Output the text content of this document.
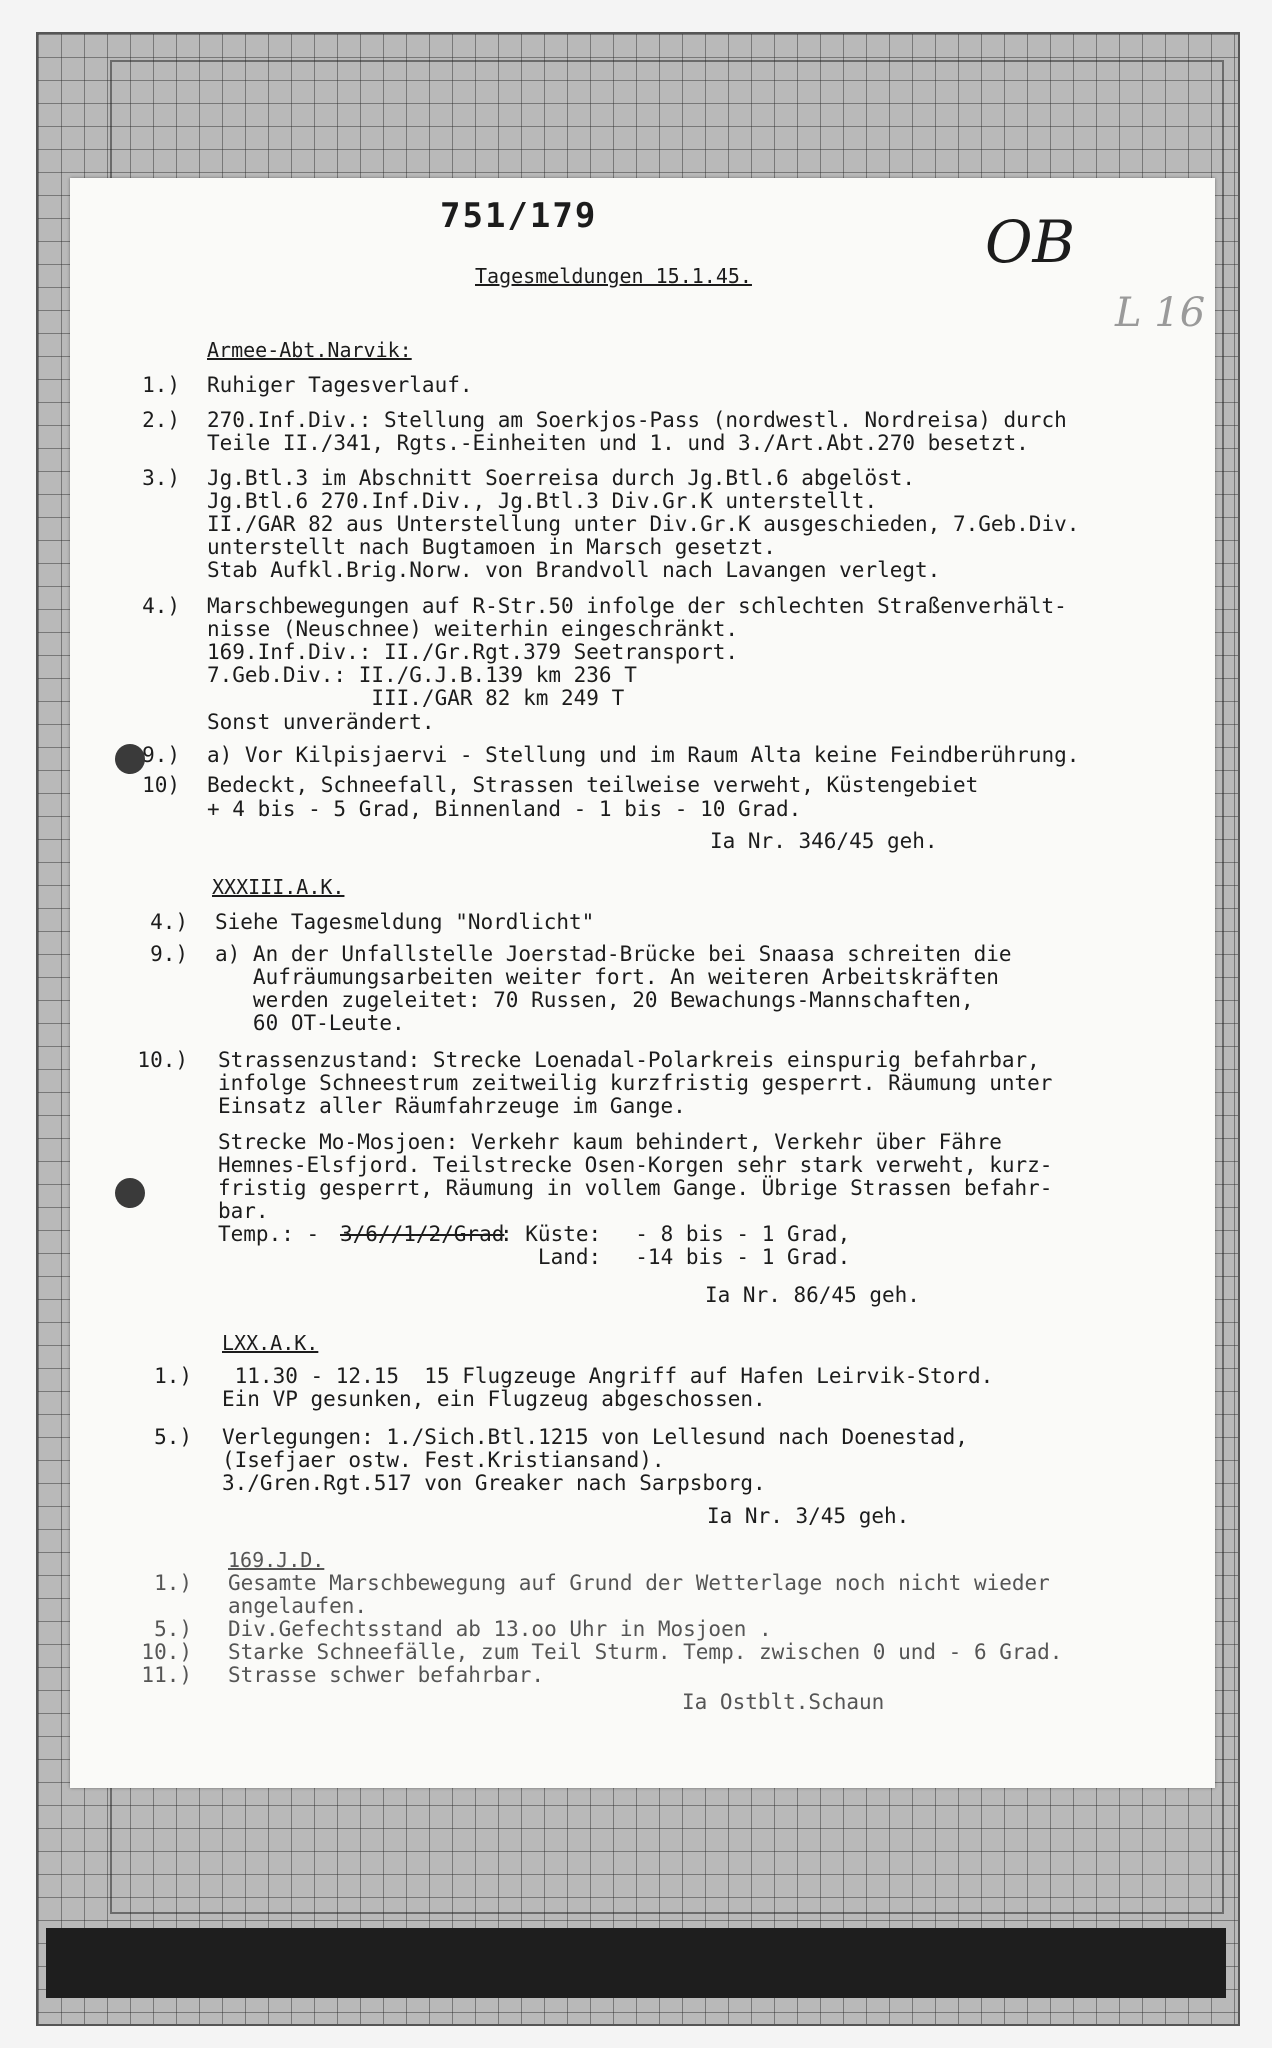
751/179	OB
L 16
Tagesmeldungen 15.1.45.
Armee-Abt.Narvik:
1.) Ruhiger Tagesverlauf.
2.) 270.Inf.Div.: Stellung am Soerkjos-Pass (nordwestl. Nordreisa) durch
Teile II./341, Rgts.-Einheiten und 1. und 3./Art.Abt.270 besetzt.
3.) Jg.Btl.3 im Abschnitt Soerreisa durch Jg.Btl.6 abgelöst.
Jg.Btl.6 270.Inf.Div., Jg.Btl.3 Div.Gr.K unterstellt.
II./GAR 82 aus Unterstellung unter Div.Gr.K ausgeschieden, 7.Geb.Div.
unterstellt nach Bugtamoen in Marsch gesetzt.
Stab Aufkl.Brig.Norw. von Brandvoll nach Lavangen verlegt.
4.) Marschbewegungen auf R-Str.50 infolge der schlechten Straßenverhält-
nisse (Neuschnee) weiterhin eingeschränkt.
169.Inf.Div.: II./Gr.Rgt.379 Seetransport.
7.Geb.Div.: II./G.J.B.139 km 236 T
III./GAR 82 km 249 T
Sonst unverändert.
9.) a) Vor Kilpisjaervi - Stellung und im Raum Alta keine Feindberührung.
10) Bedeckt, Schneefall, Strassen teilweise verweht, Küstengebiet
+ 4 bis - 5 Grad, Binnenland - 1 bis - 10 Grad.
Ia Nr. 346/45 geh.
XXXIII.A.K.
4.) Siehe Tagesmeldung "Nordlicht"
9.) a) An der Unfallstelle Joerstad-Brücke bei Snaasa schreiten die
Aufräumungsarbeiten weiter fort. An weiteren Arbeitskräften
werden zugeleitet: 70 Russen, 20 Bewachungs-Mannschaften,
60 OT-Leute.
10.) Strassenzustand: Strecke Loenadal-Polarkreis einspurig befahrbar,
infolge Schneestrum zeitweilig kurzfristig gesperrt. Räumung unter
Einsatz aller Räumfahrzeuge im Gange.
Strecke Mo-Mosjoen: Verkehr kaum behindert, Verkehr über Fähre
Hemnes-Elsfjord. Teilstrecke Osen-Korgen sehr stark verweht, kurz-
fristig gesperrt, Räumung in vollem Gange. Übrige Strassen befahr-
bar.
Temp.: - 3/6//1/2/Grad
: Küste: - 8 bis - 1 Grad,
Land: -14 bis - 1 Grad.
Ia Nr. 86/45 geh.
LXX.A.K.
1.) 11.30 - 12.15  15 Flugzeuge Angriff auf Hafen Leirvik-Stord.
Ein VP gesunken, ein Flugzeug abgeschossen.
5.) Verlegungen: 1./Sich.Btl.1215 von Lellesund nach Doenestad,
(Isefjaer ostw. Fest.Kristiansand).
3./Gren.Rgt.517 von Greaker nach Sarpsborg.
Ia Nr. 3/45 geh.
169.J.D.
1.) Gesamte Marschbewegung auf Grund der Wetterlage noch nicht wieder
angelaufen.
5.) Div.Gefechtsstand ab 13.oo Uhr in Mosjoen .
10.) Starke Schneefälle, zum Teil Sturm. Temp. zwischen 0 und - 6 Grad.
11.) Strasse schwer befahrbar.
Ia Ostblt.Schaun
